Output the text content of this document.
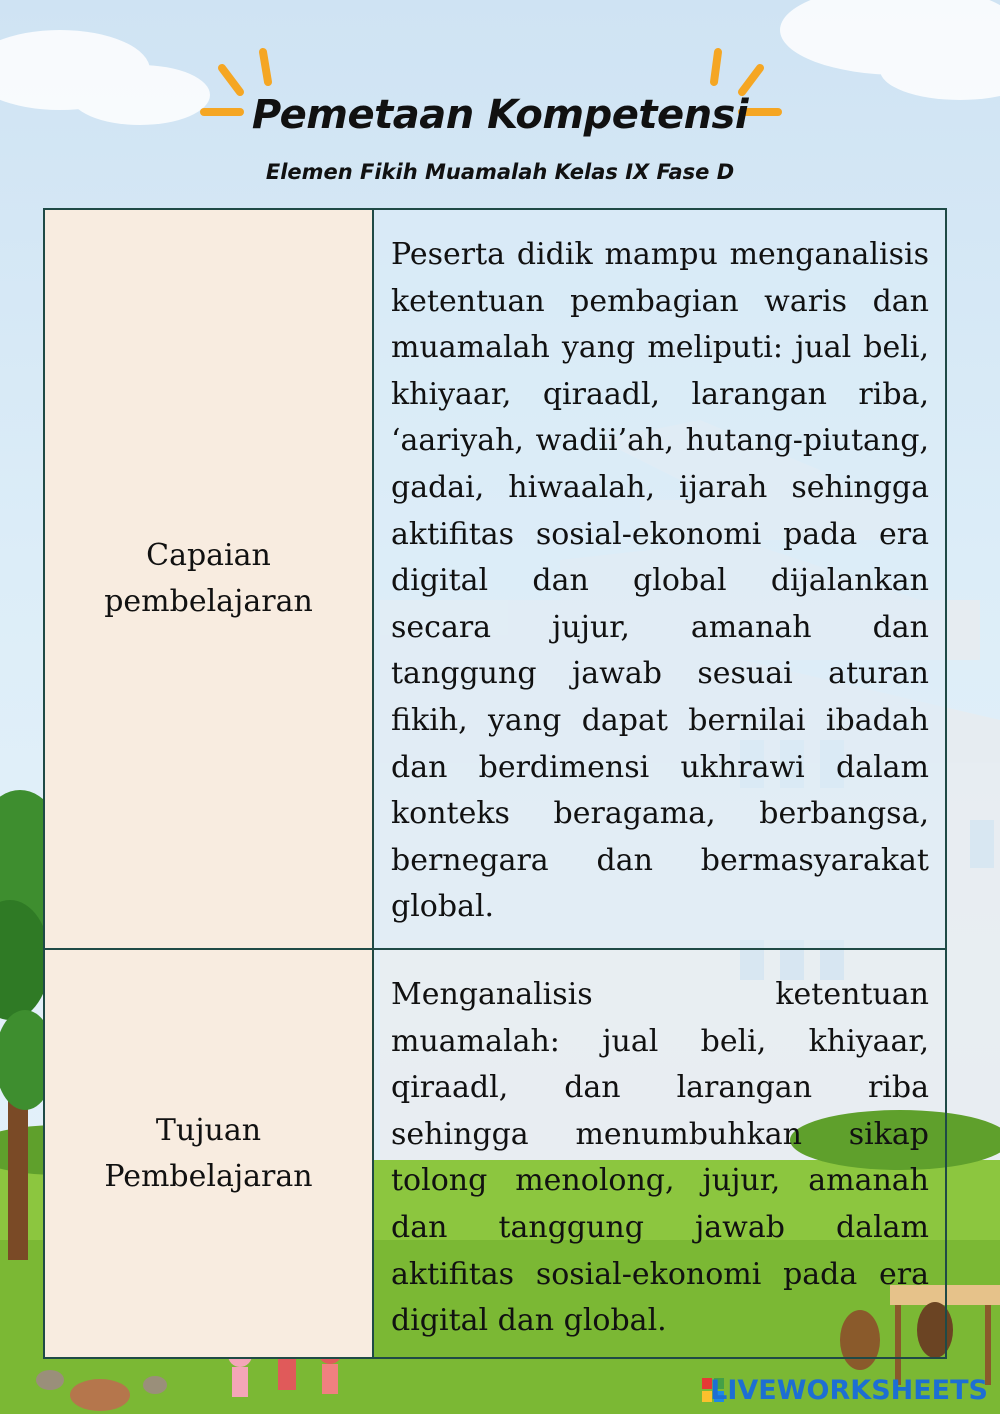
Pemetaan Kompetensi
Elemen Fikih Muamalah Kelas IX Fase D
Capaian pembelajaran
Peserta didik mampu menganalisis ketentuan pembagian waris dan muamalah yang meliputi: jual beli, khiyaar, qiraadl, larangan riba, ‘aariyah, wadii’ah, hutang-piutang, gadai, hiwaalah, ijarah sehingga aktifitas sosial-ekonomi pada era digital dan global dijalankan secara jujur, amanah dan tanggung jawab sesuai aturan fikih, yang dapat bernilai ibadah dan berdimensi ukhrawi dalam konteks beragama, berbangsa, bernegara dan bermasyarakat global.
Tujuan Pembelajaran
Menganalisis ketentuan muamalah: jual beli, khiyaar, qiraadl, dan larangan riba sehingga menumbuhkan sikap tolong menolong, jujur, amanah dan tanggung jawab dalam aktifitas sosial-ekonomi pada era digital dan global.
LIVEWORKSHEETS
